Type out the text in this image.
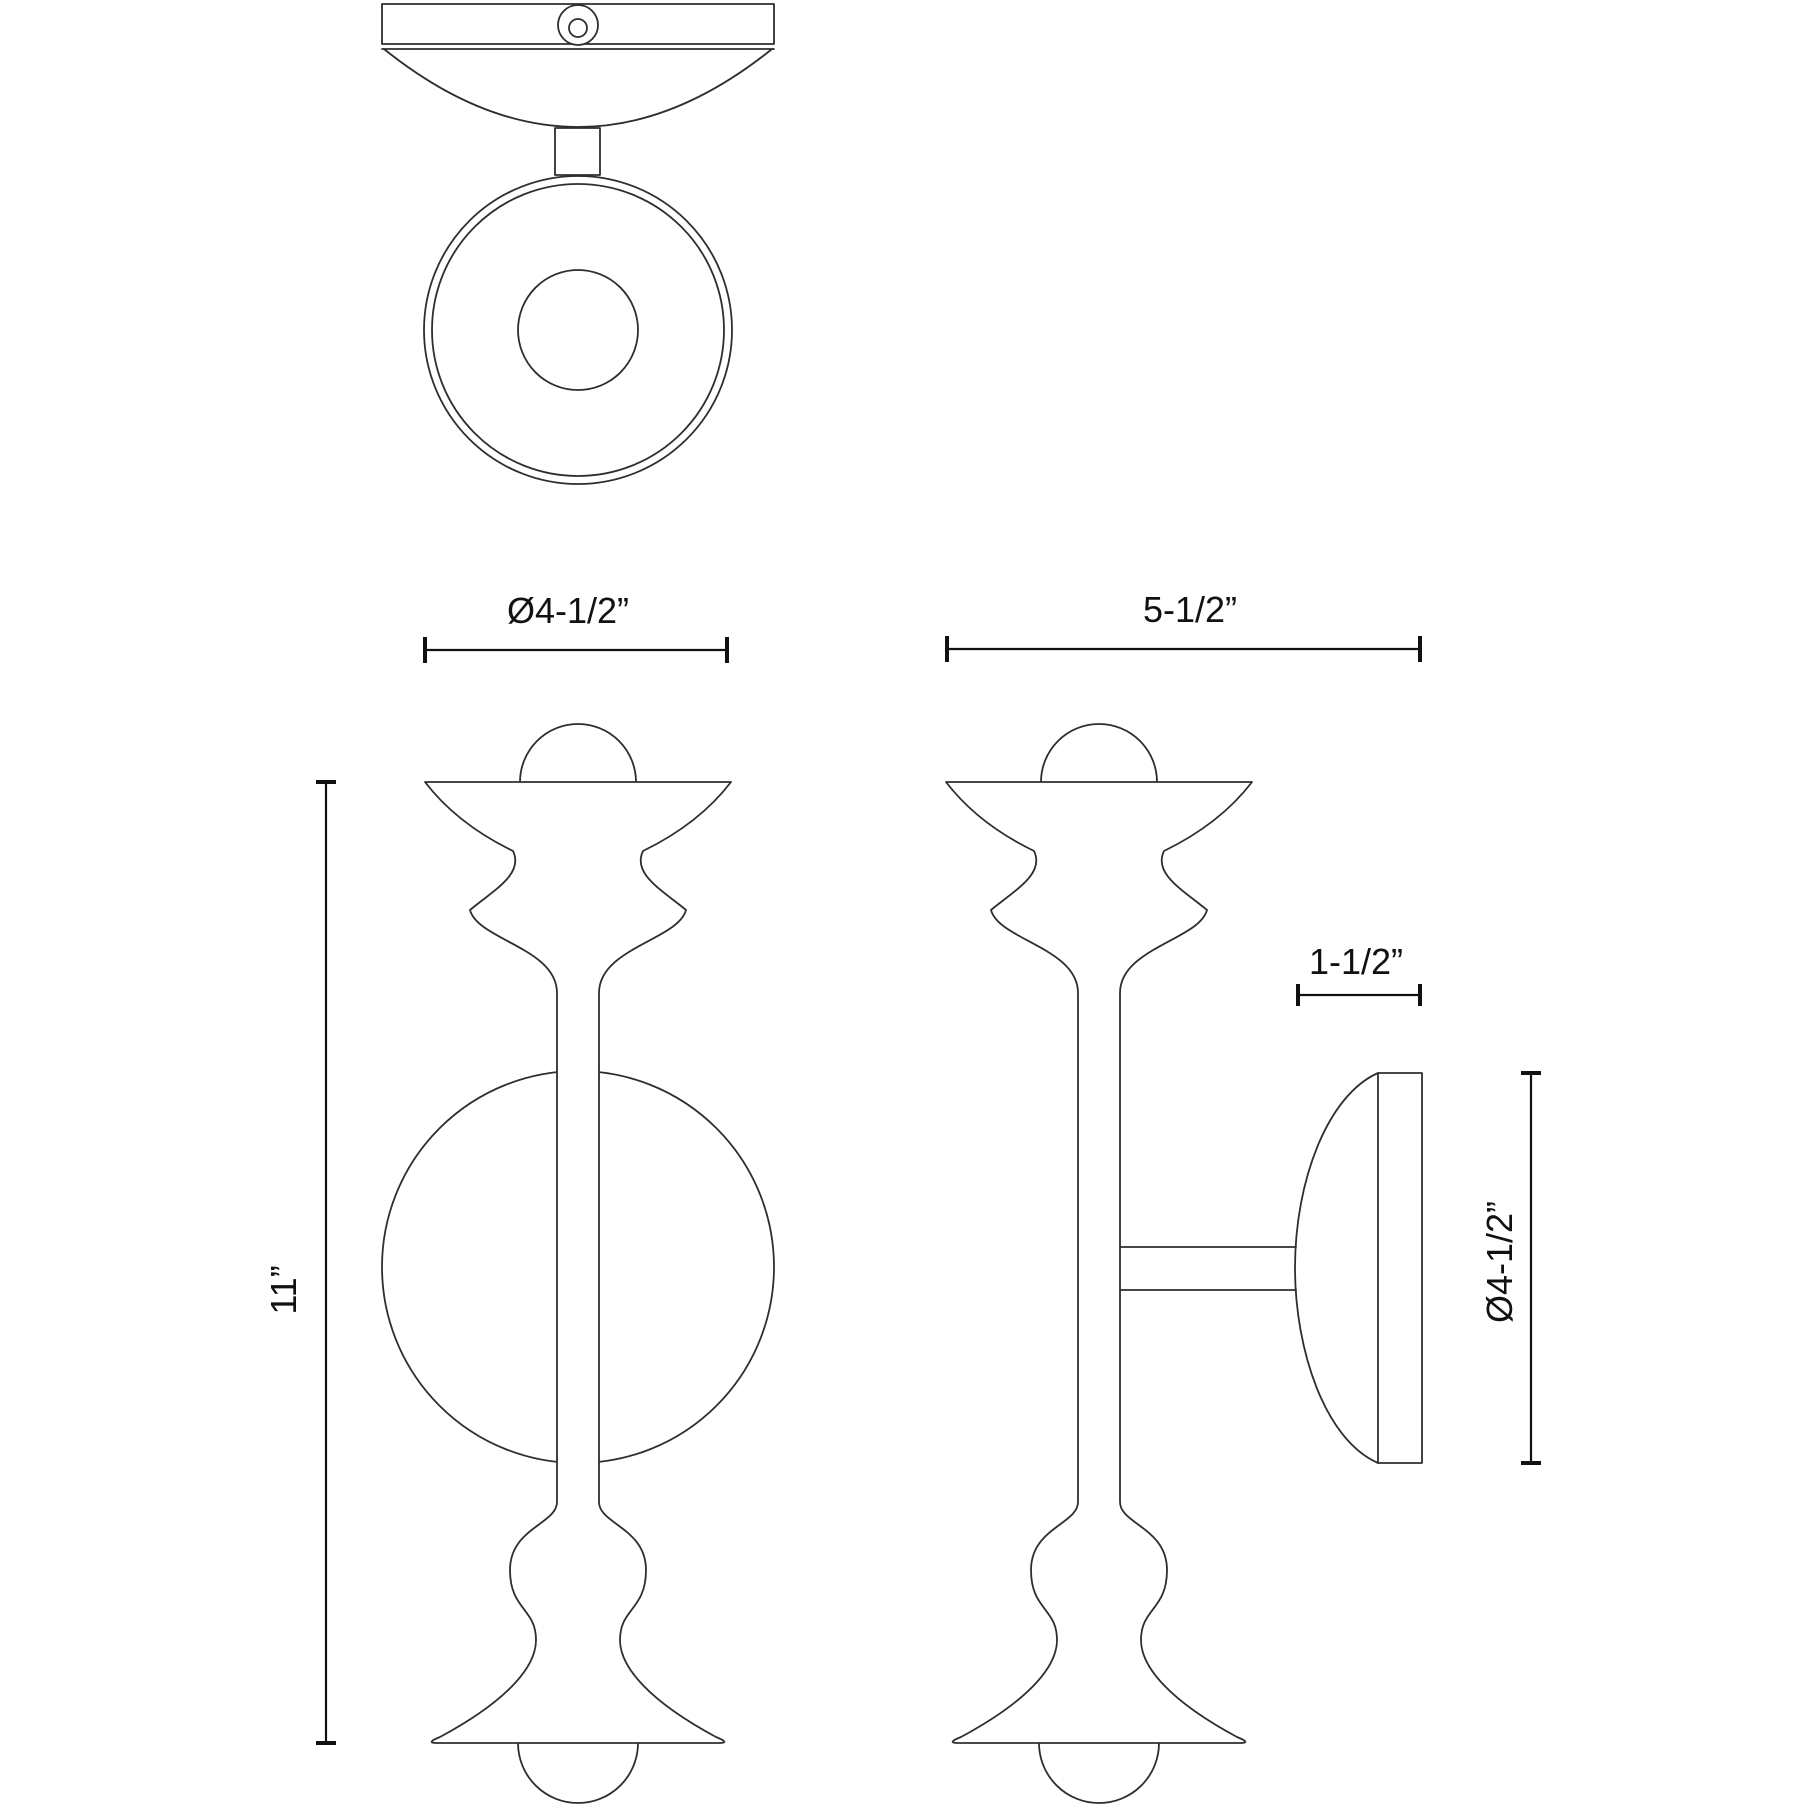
Ø4-1/2”	5-1/2”
11”
1-1/2”
Ø4-1/2”
